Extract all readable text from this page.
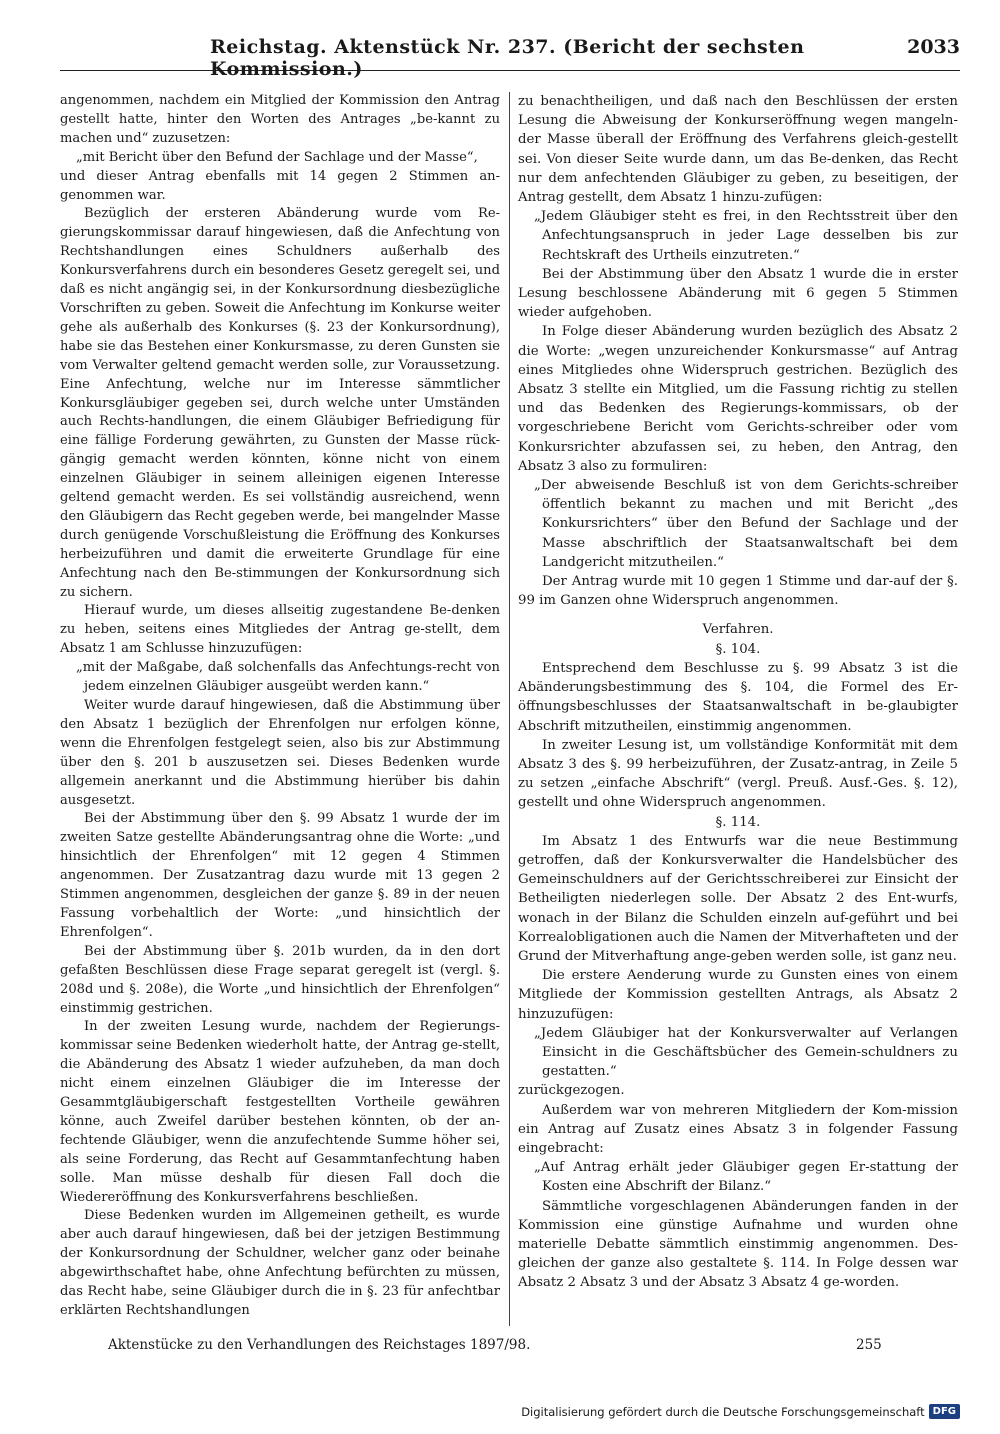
Reichstag. Aktenstück Nr. 237. (Bericht der sechsten Kommission.)
2033

angenommen, nachdem ein Mitglied der Kommission den Antrag gestellt hatte, hinter den Worten des Antrages „be-kannt zu machen und“ zuzusetzen:

„mit Bericht über den Befund der Sachlage und der Masse“,

und dieser Antrag ebenfalls mit 14 gegen 2 Stimmen an-genommen war.

Bezüglich der ersteren Abänderung wurde vom Re-gierungskommissar darauf hingewiesen, daß die Anfechtung von Rechtshandlungen eines Schuldners außerhalb des Konkursverfahrens durch ein besonderes Gesetz geregelt sei, und daß es nicht angängig sei, in der Konkursordnung diesbezügliche Vorschriften zu geben. Soweit die Anfechtung im Konkurse weiter gehe als außerhalb des Konkurses (§. 23 der Konkursordnung), habe sie das Bestehen einer Konkursmasse, zu deren Gunsten sie vom Verwalter geltend gemacht werden solle, zur Voraussetzung. Eine Anfechtung, welche nur im Interesse sämmtlicher Konkursgläubiger gegeben sei, durch welche unter Umständen auch Rechts-handlungen, die einem Gläubiger Befriedigung für eine fällige Forderung gewährten, zu Gunsten der Masse rück-gängig gemacht werden könnten, könne nicht von einem einzelnen Gläubiger in seinem alleinigen eigenen Interesse geltend gemacht werden. Es sei vollständig ausreichend, wenn den Gläubigern das Recht gegeben werde, bei mangelnder Masse durch genügende Vorschußleistung die Eröffnung des Konkurses herbeizuführen und damit die erweiterte Grundlage für eine Anfechtung nach den Be-stimmungen der Konkursordnung sich zu sichern.

Hierauf wurde, um dieses allseitig zugestandene Be-denken zu heben, seitens eines Mitgliedes der Antrag ge-stellt, dem Absatz 1 am Schlusse hinzuzufügen:

„mit der Maßgabe, daß solchenfalls das Anfechtungs-recht von jedem einzelnen Gläubiger ausgeübt werden kann.“

Weiter wurde darauf hingewiesen, daß die Abstimmung über den Absatz 1 bezüglich der Ehrenfolgen nur erfolgen könne, wenn die Ehrenfolgen festgelegt seien, also bis zur Abstimmung über den §. 201 b auszusetzen sei. Dieses Bedenken wurde allgemein anerkannt und die Abstimmung hierüber bis dahin ausgesetzt.

Bei der Abstimmung über den §. 99 Absatz 1 wurde der im zweiten Satze gestellte Abänderungsantrag ohne die Worte: „und hinsichtlich der Ehrenfolgen“ mit 12 gegen 4 Stimmen angenommen. Der Zusatzantrag dazu wurde mit 13 gegen 2 Stimmen angenommen, desgleichen der ganze §. 89 in der neuen Fassung vorbehaltlich der Worte: „und hinsichtlich der Ehrenfolgen“.

Bei der Abstimmung über §. 201b wurden, da in den dort gefaßten Beschlüssen diese Frage separat geregelt ist (vergl. §. 208d und §. 208e), die Worte „und hinsichtlich der Ehrenfolgen“ einstimmig gestrichen.

In der zweiten Lesung wurde, nachdem der Regierungs-kommissar seine Bedenken wiederholt hatte, der Antrag ge-stellt, die Abänderung des Absatz 1 wieder aufzuheben, da man doch nicht einem einzelnen Gläubiger die im Interesse der Gesammtgläubigerschaft festgestellten Vortheile gewähren könne, auch Zweifel darüber bestehen könnten, ob der an-fechtende Gläubiger, wenn die anzufechtende Summe höher sei, als seine Forderung, das Recht auf Gesammtanfechtung haben solle. Man müsse deshalb für diesen Fall doch die Wiedereröffnung des Konkursverfahrens beschließen.

Diese Bedenken wurden im Allgemeinen getheilt, es wurde aber auch darauf hingewiesen, daß bei der jetzigen Bestimmung der Konkursordnung der Schuldner, welcher ganz oder beinahe abgewirthschaftet habe, ohne Anfechtung befürchten zu müssen, das Recht habe, seine Gläubiger durch die in §. 23 für anfechtbar erklärten Rechtshandlungen

zu benachtheiligen, und daß nach den Beschlüssen der ersten Lesung die Abweisung der Konkurseröffnung wegen mangeln-der Masse überall der Eröffnung des Verfahrens gleich-gestellt sei. Von dieser Seite wurde dann, um das Be-denken, das Recht nur dem anfechtenden Gläubiger zu geben, zu beseitigen, der Antrag gestellt, dem Absatz 1 hinzu-zufügen:

„Jedem Gläubiger steht es frei, in den Rechtsstreit über den Anfechtungsanspruch in jeder Lage desselben bis zur Rechtskraft des Urtheils einzutreten.“

Bei der Abstimmung über den Absatz 1 wurde die in erster Lesung beschlossene Abänderung mit 6 gegen 5 Stimmen wieder aufgehoben.

In Folge dieser Abänderung wurden bezüglich des Absatz 2 die Worte: „wegen unzureichender Konkursmasse“ auf Antrag eines Mitgliedes ohne Widerspruch gestrichen. Bezüglich des Absatz 3 stellte ein Mitglied, um die Fassung richtig zu stellen und das Bedenken des Regierungs-kommissars, ob der vorgeschriebene Bericht vom Gerichts-schreiber oder vom Konkursrichter abzufassen sei, zu heben, den Antrag, den Absatz 3 also zu formuliren:

„Der abweisende Beschluß ist von dem Gerichts-schreiber öffentlich bekannt zu machen und mit Bericht „des Konkursrichters“ über den Befund der Sachlage und der Masse abschriftlich der Staatsanwaltschaft bei dem Landgericht mitzutheilen.“

Der Antrag wurde mit 10 gegen 1 Stimme und dar-auf der §. 99 im Ganzen ohne Widerspruch angenommen.

Verfahren.

§. 104.

Entsprechend dem Beschlusse zu §. 99 Absatz 3 ist die Abänderungsbestimmung des §. 104, die Formel des Er-öffnungsbeschlusses der Staatsanwaltschaft in be-glaubigter Abschrift mitzutheilen, einstimmig angenommen.

In zweiter Lesung ist, um vollständige Konformität mit dem Absatz 3 des §. 99 herbeizuführen, der Zusatz-antrag, in Zeile 5 zu setzen „einfache Abschrift“ (vergl. Preuß. Ausf.-Ges. §. 12), gestellt und ohne Widerspruch angenommen.

§. 114.

Im Absatz 1 des Entwurfs war die neue Bestimmung getroffen, daß der Konkursverwalter die Handelsbücher des Gemeinschuldners auf der Gerichtsschreiberei zur Einsicht der Betheiligten niederlegen solle. Der Absatz 2 des Ent-wurfs, wonach in der Bilanz die Schulden einzeln auf-geführt und bei Korrealobligationen auch die Namen der Mitverhafteten und der Grund der Mitverhaftung ange-geben werden solle, ist ganz neu.

Die erstere Aenderung wurde zu Gunsten eines von einem Mitgliede der Kommission gestellten Antrags, als Absatz 2 hinzuzufügen:

„Jedem Gläubiger hat der Konkursverwalter auf Verlangen Einsicht in die Geschäftsbücher des Gemein-schuldners zu gestatten.“

zurückgezogen.

Außerdem war von mehreren Mitgliedern der Kom-mission ein Antrag auf Zusatz eines Absatz 3 in folgender Fassung eingebracht:

„Auf Antrag erhält jeder Gläubiger gegen Er-stattung der Kosten eine Abschrift der Bilanz.“

Sämmtliche vorgeschlagenen Abänderungen fanden in der Kommission eine günstige Aufnahme und wurden ohne materielle Debatte sämmtlich einstimmig angenommen. Des-gleichen der ganze also gestaltete §. 114. In Folge dessen war Absatz 2 Absatz 3 und der Absatz 3 Absatz 4 ge-worden.

Aktenstücke zu den Verhandlungen des Reichstages 1897/98.	255
Digitalisierung gefördert durch die Deutsche Forschungsgemeinschaft DFG
